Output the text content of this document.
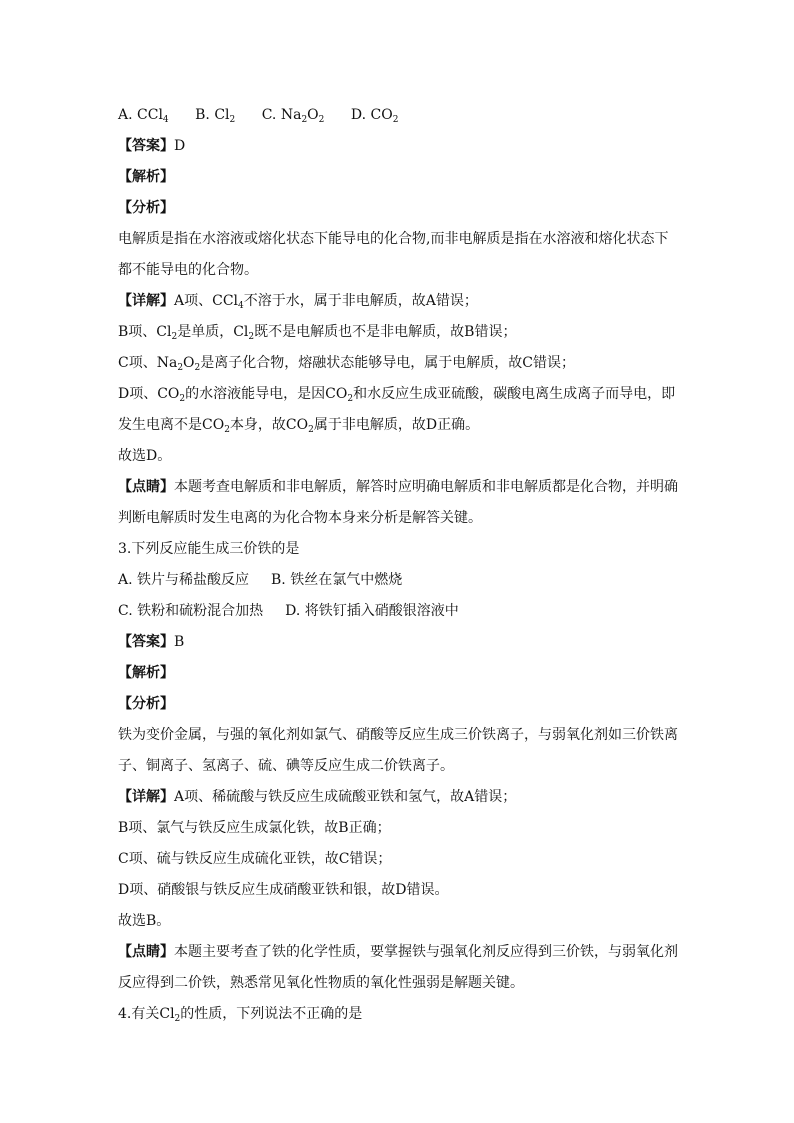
A. CCl$_4$ B. $Cl_2$ C. $Na_2O_2$ D. $CO_2$
【答案】D
【解析】
【分析】
电解质是指在水溶液或熔化状态下能导电的化合物,而非电解质是指在水溶液和熔化状态下都不能导电的化合物。
【详解】A项、CCl$_4$不溶于水，属于非电解质，故A错误；
B项、$Cl_2$是单质，$Cl_2$既不是电解质也不是非电解质，故B错误；
C项、$Na_2O_2$是离子化合物，熔融状态能够导电，属于电解质，故C错误；
D项、$CO_2$的水溶液能导电，是因$CO_2$和水反应生成亚硫酸，碳酸电离生成离子而导电，即发生电离不是$CO_2$本身，故$CO_2$属于非电解质，故D正确。
故选D。
【点睛】本题考查电解质和非电解质，解答时应明确电解质和非电解质都是化合物，并明确判断电解质时发生电离的为化合物本身来分析是解答关键。
3.下列反应能生成三价铁的是
A. 铁片与稀盐酸反应 B. 铁丝在氯气中燃烧
C. 铁粉和硫粉混合加热 D. 将铁钉插入硝酸银溶液中
【答案】B
【解析】
【分析】
铁为变价金属，与强的氧化剂如氯气、硝酸等反应生成三价铁离子，与弱氧化剂如三价铁离子、铜离子、氢离子、硫、碘等反应生成二价铁离子。
【详解】A项、稀硫酸与铁反应生成硫酸亚铁和氢气，故A错误；
B项、氯气与铁反应生成氯化铁，故B正确；
C项、硫与铁反应生成硫化亚铁，故C错误；
D项、硝酸银与铁反应生成硝酸亚铁和银，故D错误。
故选B。
【点睛】本题主要考查了铁的化学性质，要掌握铁与强氧化剂反应得到三价铁，与弱氧化剂反应得到二价铁，熟悉常见氧化性物质的氧化性强弱是解题关键。
4.有关$Cl_2$的性质，下列说法不正确的是
